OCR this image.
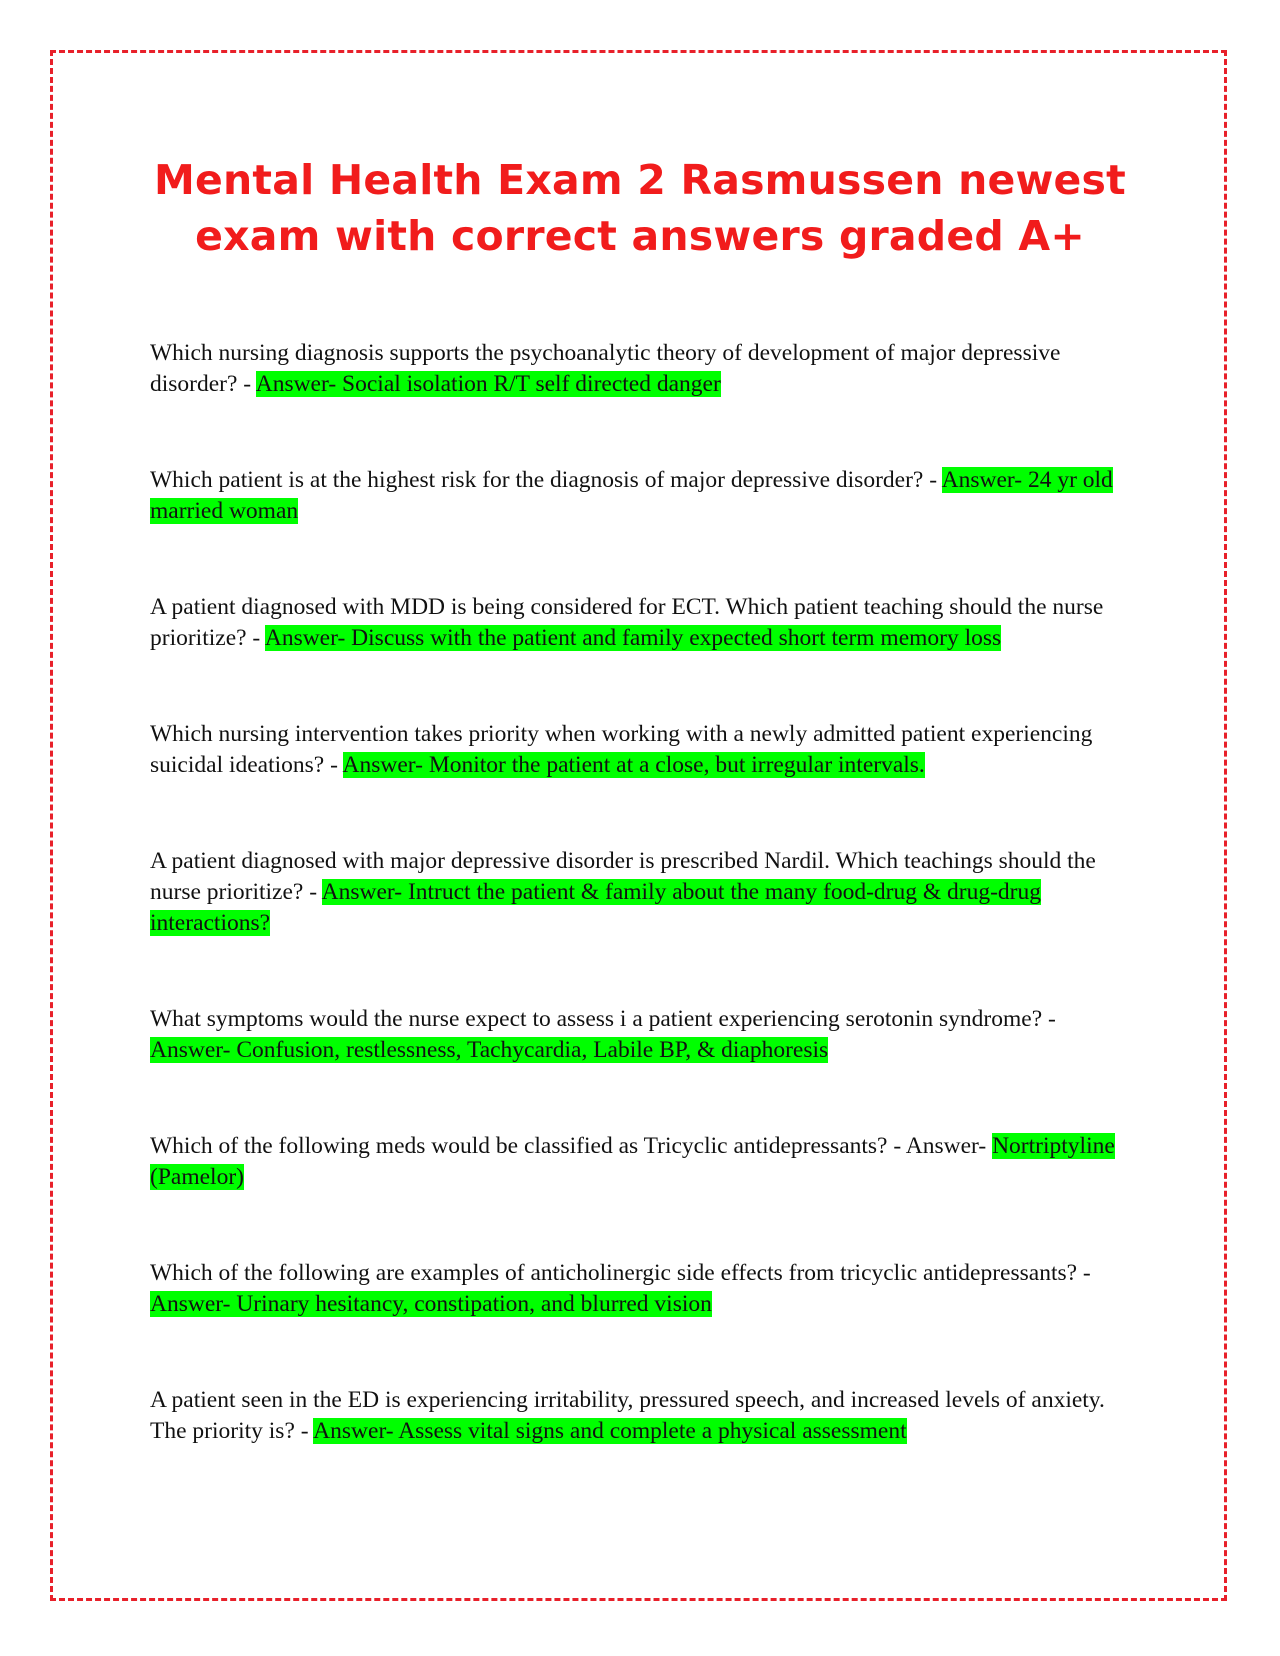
Mental Health Exam 2 Rasmussen newest exam with correct answers graded A+

Which nursing diagnosis supports the psychoanalytic theory of development of major depressive disorder? - Answer- Social isolation R/T self directed danger

Which patient is at the highest risk for the diagnosis of major depressive disorder? - Answer- 24 yr old married woman

A patient diagnosed with MDD is being considered for ECT. Which patient teaching should the nurse prioritize? - Answer- Discuss with the patient and family expected short term memory loss

Which nursing intervention takes priority when working with a newly admitted patient experiencing suicidal ideations? - Answer- Monitor the patient at a close, but irregular intervals.

A patient diagnosed with major depressive disorder is prescribed Nardil. Which teachings should the nurse prioritize? - Answer- Intruct the patient & family about the many food-drug & drug-drug interactions?

What symptoms would the nurse expect to assess i a patient experiencing serotonin syndrome? - Answer- Confusion, restlessness, Tachycardia, Labile BP, & diaphoresis

Which of the following meds would be classified as Tricyclic antidepressants? - Answer- Nortriptyline (Pamelor)

Which of the following are examples of anticholinergic side effects from tricyclic antidepressants? - Answer- Urinary hesitancy, constipation, and blurred vision

A patient seen in the ED is experiencing irritability, pressured speech, and increased levels of anxiety. The priority is? - Answer- Assess vital signs and complete a physical assessment
